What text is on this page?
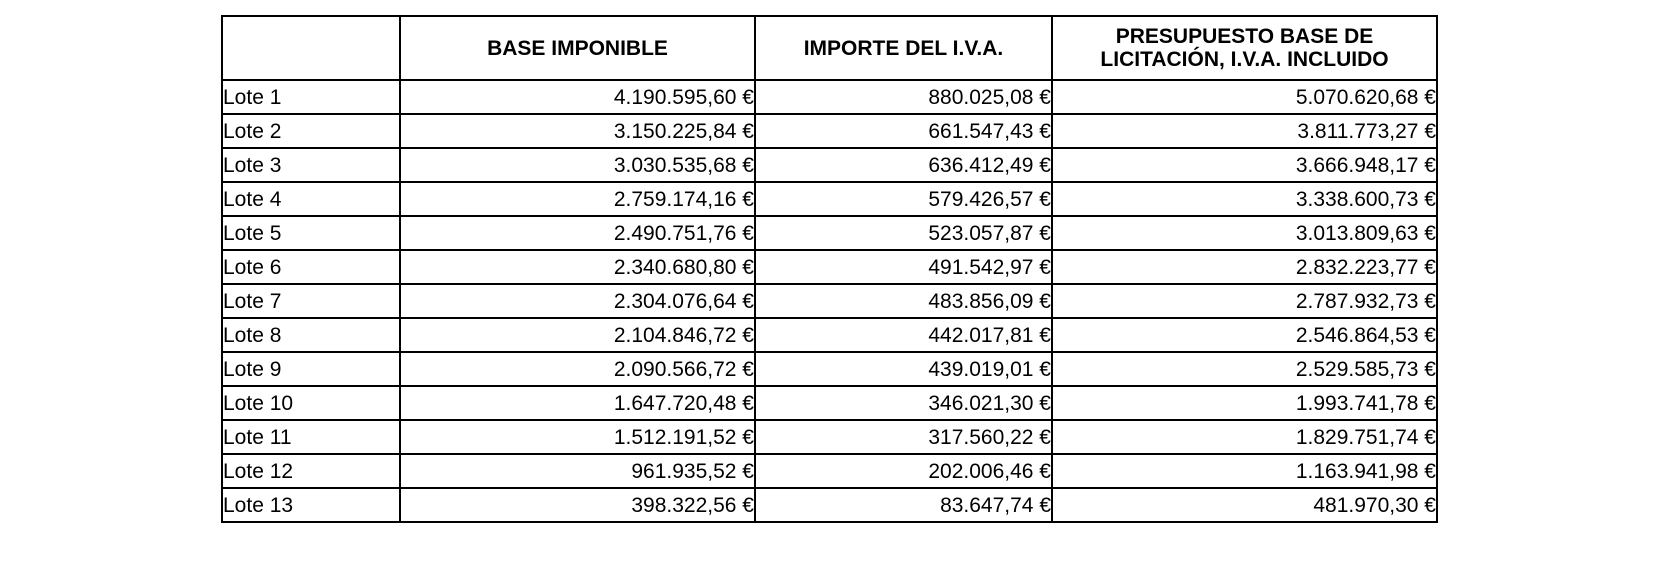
	BASE IMPONIBLE	IMPORTE DEL I.V.A.	PRESUPUESTO BASE DE
LICITACIÓN, I.V.A. INCLUIDO

Lote 1	4.190.595,60 €	880.025,08 €	5.070.620,68 €
Lote 2	3.150.225,84 €	661.547,43 €	3.811.773,27 €
Lote 3	3.030.535,68 €	636.412,49 €	3.666.948,17 €
Lote 4	2.759.174,16 €	579.426,57 €	3.338.600,73 €
Lote 5	2.490.751,76 €	523.057,87 €	3.013.809,63 €
Lote 6	2.340.680,80 €	491.542,97 €	2.832.223,77 €
Lote 7	2.304.076,64 €	483.856,09 €	2.787.932,73 €
Lote 8	2.104.846,72 €	442.017,81 €	2.546.864,53 €
Lote 9	2.090.566,72 €	439.019,01 €	2.529.585,73 €
Lote 10	1.647.720,48 €	346.021,30 €	1.993.741,78 €
Lote 11	1.512.191,52 €	317.560,22 €	1.829.751,74 €
Lote 12	961.935,52 €	202.006,46 €	1.163.941,98 €
Lote 13	398.322,56 €	83.647,74 €	481.970,30 €
